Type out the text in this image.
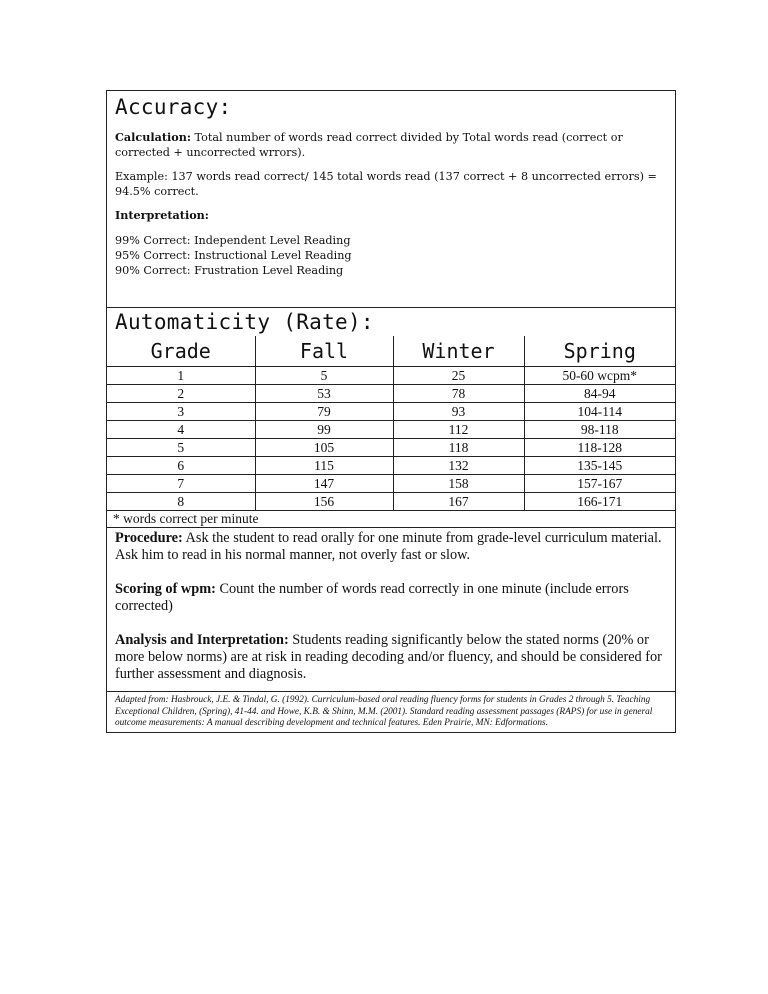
Accuracy:

Calculation: Total number of words read correct divided by Total words read (correct or corrected + uncorrected wrrors).

Example: 137 words read correct/ 145 total words read (137 correct + 8 uncorrected errors) = 94.5% correct.

Interpretation:

99% Correct: Independent Level Reading
95% Correct: Instructional Level Reading
90% Correct: Frustration Level Reading
Automaticity (Rate):
Grade	Fall	Winter	Spring
1	5	25	50-60 wcpm*
2	53	78	84-94
3	79	93	104-114
4	99	112	98-118
5	105	118	118-128
6	115	132	135-145
7	147	158	157-167
8	156	167	166-171
* words correct per minute

Procedure: Ask the student to read orally for one minute from grade-level curriculum material. Ask him to read in his normal manner, not overly fast or slow.

Scoring of wpm: Count the number of words read correctly in one minute (include errors corrected)

Analysis and Interpretation: Students reading significantly below the stated norms (20% or more below norms) are at risk in reading decoding and/or fluency, and should be considered for further assessment and diagnosis.

Adapted from: Hasbrouck, J.E. & Tindal, G. (1992). Curriculum-based oral reading fluency forms for students in Grades 2 through 5. Teaching Exceptional Children, (Spring), 41-44. and Howe, K.B. & Shinn, M.M. (2001). Standard reading assessment passages (RAPS) for use in general outcome measurements: A manual describing development and technical features. Eden Prairie, MN: Edformations.
